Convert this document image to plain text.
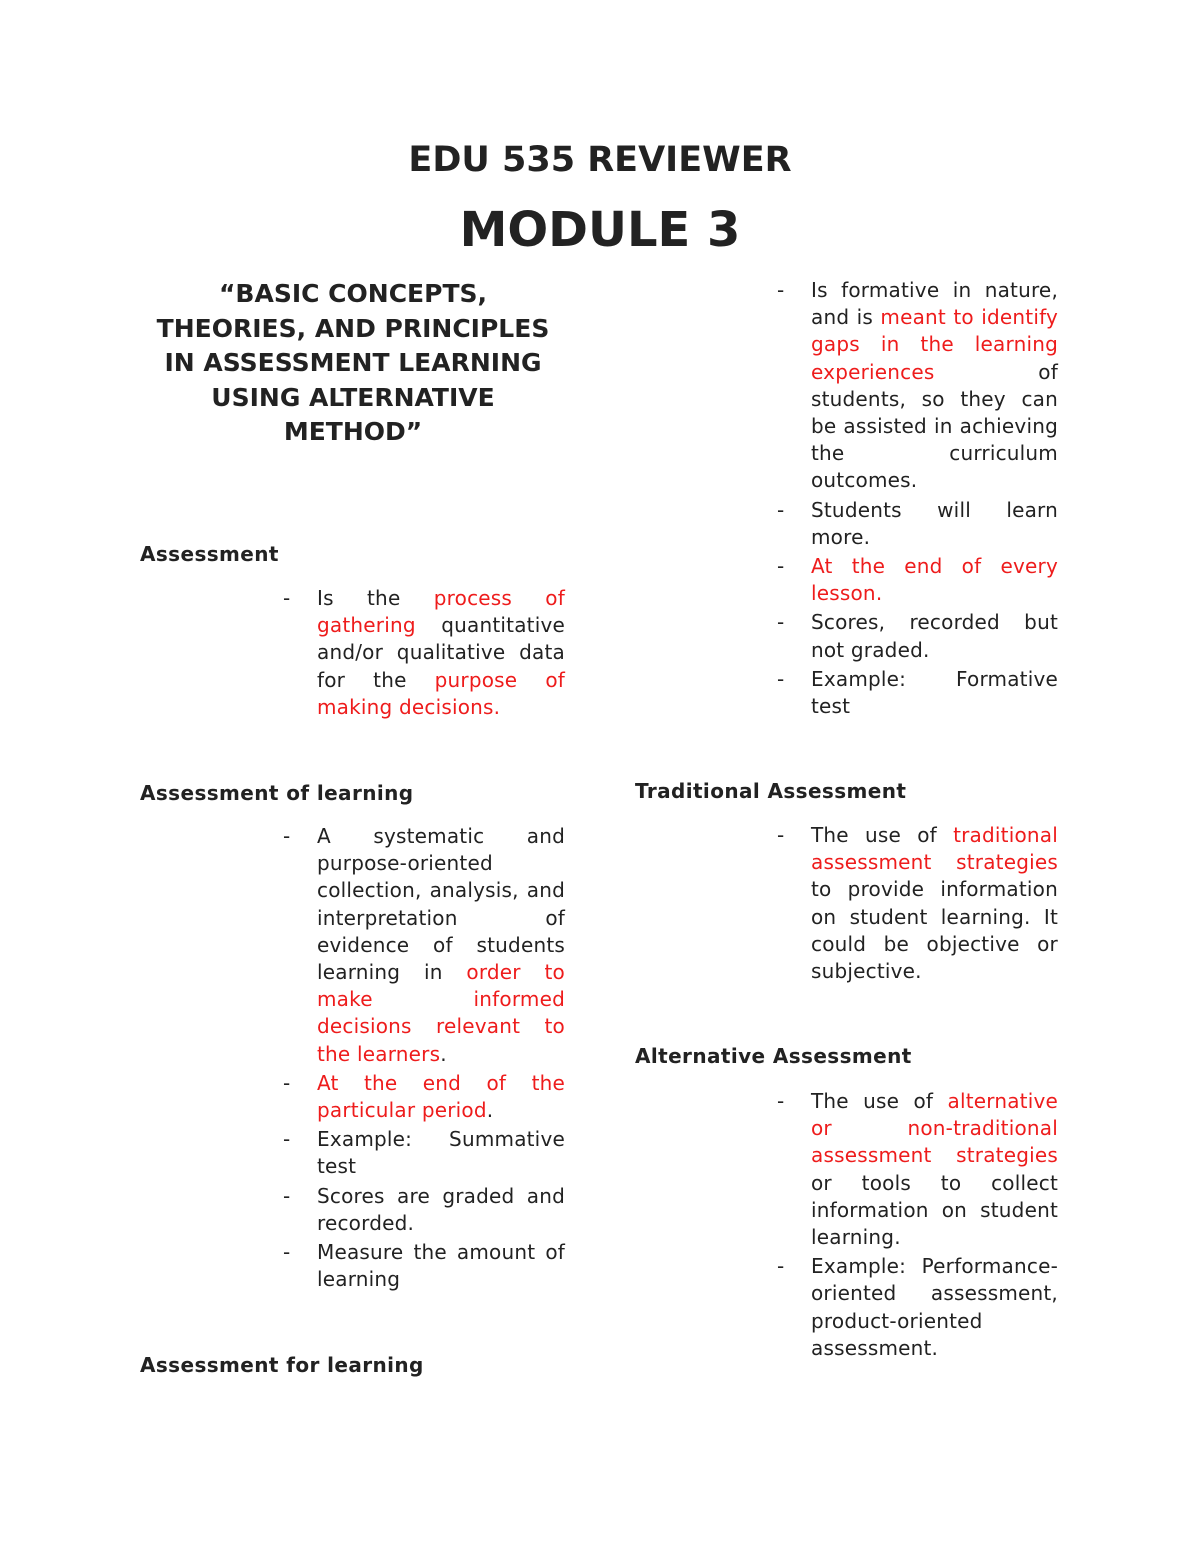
EDU 535 REVIEWER
MODULE 3
“BASIC CONCEPTS, THEORIES, AND PRINCIPLES IN ASSESSMENT LEARNING USING ALTERNATIVE METHOD”
Assessment
- Is the process of gathering quantitative and/or qualitative data for the purpose of making decisions.
Assessment of learning
- A systematic and purpose-oriented collection, analysis, and interpretation of evidence of students learning in order to make informed decisions relevant to the learners.
- At the end of the particular period.
- Example: Summative test
- Scores are graded and recorded.
- Measure the amount of learning
Assessment for learning
- Is formative in nature, and is meant to identify gaps in the learning experiences of students, so they can be assisted in achieving the curriculum outcomes.
- Students will learn more.
- At the end of every lesson.
- Scores, recorded but not graded.
- Example: Formative test
Traditional Assessment
- The use of traditional assessment strategies to provide information on student learning. It could be objective or subjective.
Alternative Assessment
- The use of alternative or non-traditional assessment strategies or tools to collect information on student learning.
- Example: Performance-oriented assessment, product-oriented assessment.
